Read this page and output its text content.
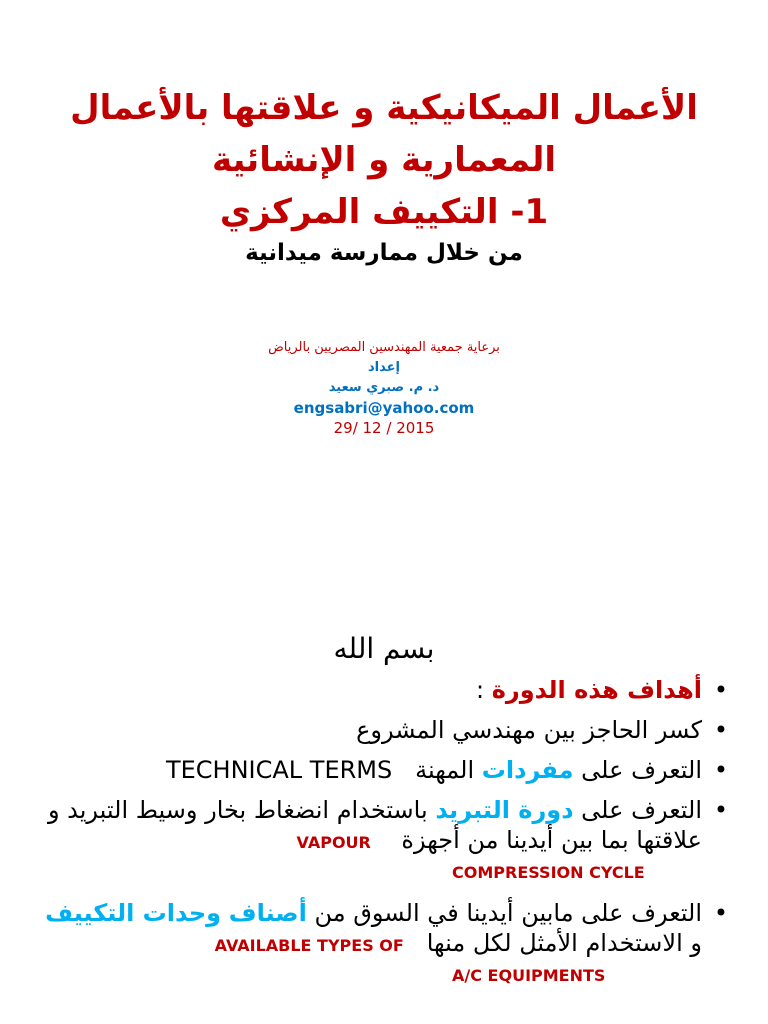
الأعمال الميكانيكية و علاقتها بالأعمال

المعمارية و الإنشائية

1- التكييف المركزي

من خلال ممارسة ميدانية

برعاية جمعية المهندسين المصريين بالرياض
إعداد
د. م. صبري سعيد
engsabri@yahoo.com
29/ 12 / 2015
بسم الله
• أهداف هذه الدورة :
• كسر الحاجز بين مهندسي المشروع
• التعرف على مفردات المهنة   TECHNICAL TERMS
• التعرف على دورة التبريد باستخدام انضغاط بخار وسيط التبريد و علاقتها بما بين أيدينا من أجهزة    VAPOUR
COMPRESSION CYCLE
• التعرف على مابين أيدينا في السوق من أصناف وحدات التكييف و الاستخدام الأمثل لكل منها   AVAILABLE TYPES OF
A/C EQUIPMENTS
